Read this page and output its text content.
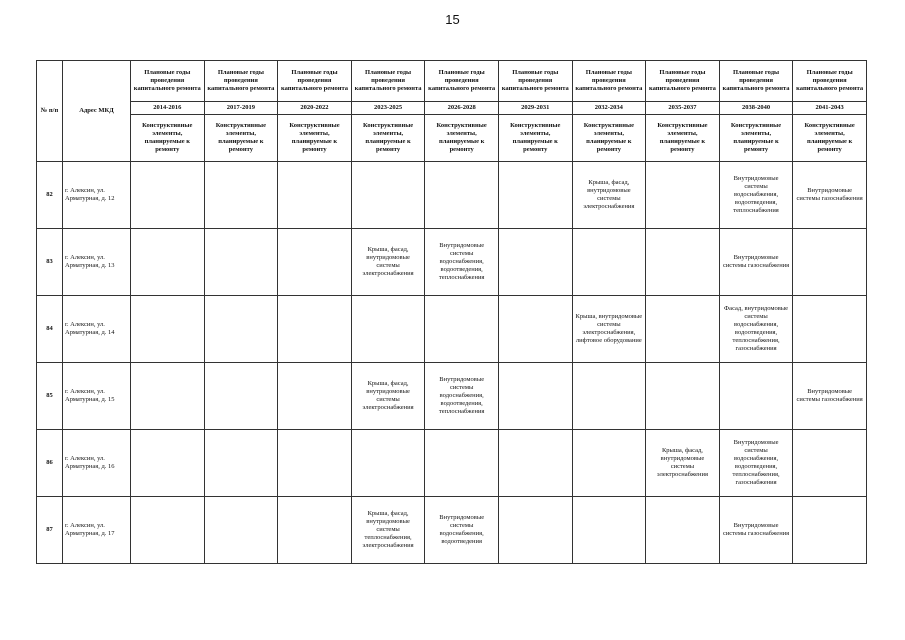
15
№ п/п	Адрес МКД	Плановые годы проведения капитального ремонта	Плановые годы проведения капитального ремонта	Плановые годы проведения капитального ремонта	Плановые годы проведения капитального ремонта	Плановые годы проведения капитального ремонта	Плановые годы проведения капитального ремонта	Плановые годы проведения капитального ремонта	Плановые годы проведения капитального ремонта	Плановые годы проведения капитального ремонта	Плановые годы проведения капитального ремонта
		2014-2016	2017-2019	2020-2022	2023-2025	2026-2028	2029-2031	2032-2034	2035-2037	2038-2040	2041-2043
		Конструктивные элементы, планируемые к ремонту	Конструктивные элементы, планируемые к ремонту	Конструктивные элементы, планируемые к ремонту	Конструктивные элементы, планируемые к ремонту	Конструктивные элементы, планируемые к ремонту	Конструктивные элементы, планируемые к ремонту	Конструктивные элементы, планируемые к ремонту	Конструктивные элементы, планируемые к ремонту	Конструктивные элементы, планируемые к ремонту	Конструктивные элементы, планируемые к ремонту
82	г. Алексин, ул. Арматурная, д. 12							Крыша, фасад, внутридомовые системы электроснабжения		Внутридомовые системы водоснабжения, водоотведения, теплоснабжения	Внутридомовые системы газоснабжения
83	г. Алексин, ул. Арматурная, д. 13				Крыша, фасад, внутридомовые системы электроснабжения	Внутридомовые системы водоснабжения, водоотведения, теплоснабжения				Внутридомовые системы газоснабжения	
84	г. Алексин, ул. Арматурная, д. 14							Крыша, внутридомовые системы электроснабжения, лифтовое оборудование		Фасад, внутридомовые системы водоснабжения, водоотведения, теплоснабжения, газоснабжения	
85	г. Алексин, ул. Арматурная, д. 15				Крыша, фасад, внутридомовые системы электроснабжения	Внутридомовые системы водоснабжения, водоотведения, теплоснабжения					Внутридомовые системы газоснабжения
86	г. Алексин, ул. Арматурная, д. 16								Крыша, фасад, внутридомовые системы электроснабжения	Внутридомовые системы водоснабжения, водоотведения, теплоснабжения, газоснабжения	
87	г. Алексин, ул. Арматурная, д. 17				Крыша, фасад, внутридомовые системы теплоснабжения, электроснабжения	Внутридомовые системы водоснабжения, водоотведения				Внутридомовые системы газоснабжения	
